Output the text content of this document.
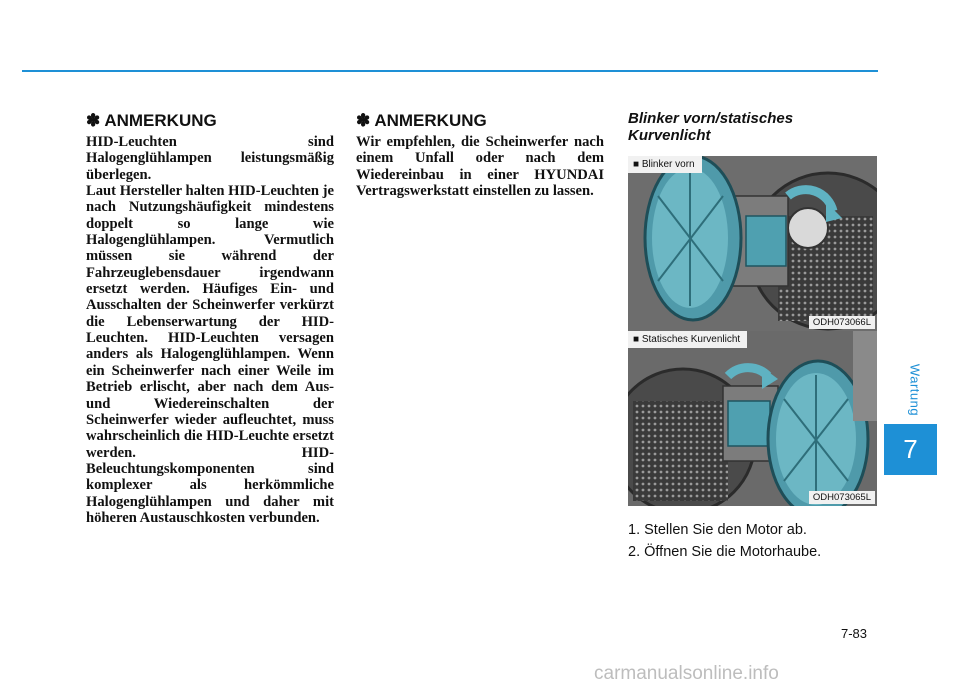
Wartung
7
✽ ANMERKUNG
HID-Leuchten sind Halogenglühlampen leistungsmäßig überlegen.
Laut Hersteller halten HID-Leuchten je nach Nutzungshäufigkeit mindestens doppelt so lange wie Halogenglühlampen. Vermutlich müssen sie während der Fahrzeuglebensdauer irgendwann ersetzt werden. Häufiges Ein- und Ausschalten der Scheinwerfer verkürzt die Lebenserwartung der HID-Leuchten. HID-Leuchten versagen anders als Halogenglühlampen. Wenn ein Scheinwerfer nach einer Weile im Betrieb erlischt, aber nach dem Aus- und Wiedereinschalten der Scheinwerfer wieder aufleuchtet, muss wahrscheinlich die HID-Leuchte ersetzt werden. HID-Beleuchtungskomponenten sind komplexer als herkömmliche Halogenglühlampen und daher mit höheren Austauschkosten verbunden.
✽ ANMERKUNG
Wir empfehlen, die Scheinwerfer nach einem Unfall oder nach dem Wiedereinbau in einer HYUNDAI Vertragswerkstatt einstellen zu lassen.
Blinker vorn/statisches Kurvenlicht
■ Blinker vorn
ODH073066L
■ Statisches Kurvenlicht
ODH073065L
1. Stellen Sie den Motor ab.
2. Öffnen Sie die Motorhaube.
7-83
carmanualsonline.info
